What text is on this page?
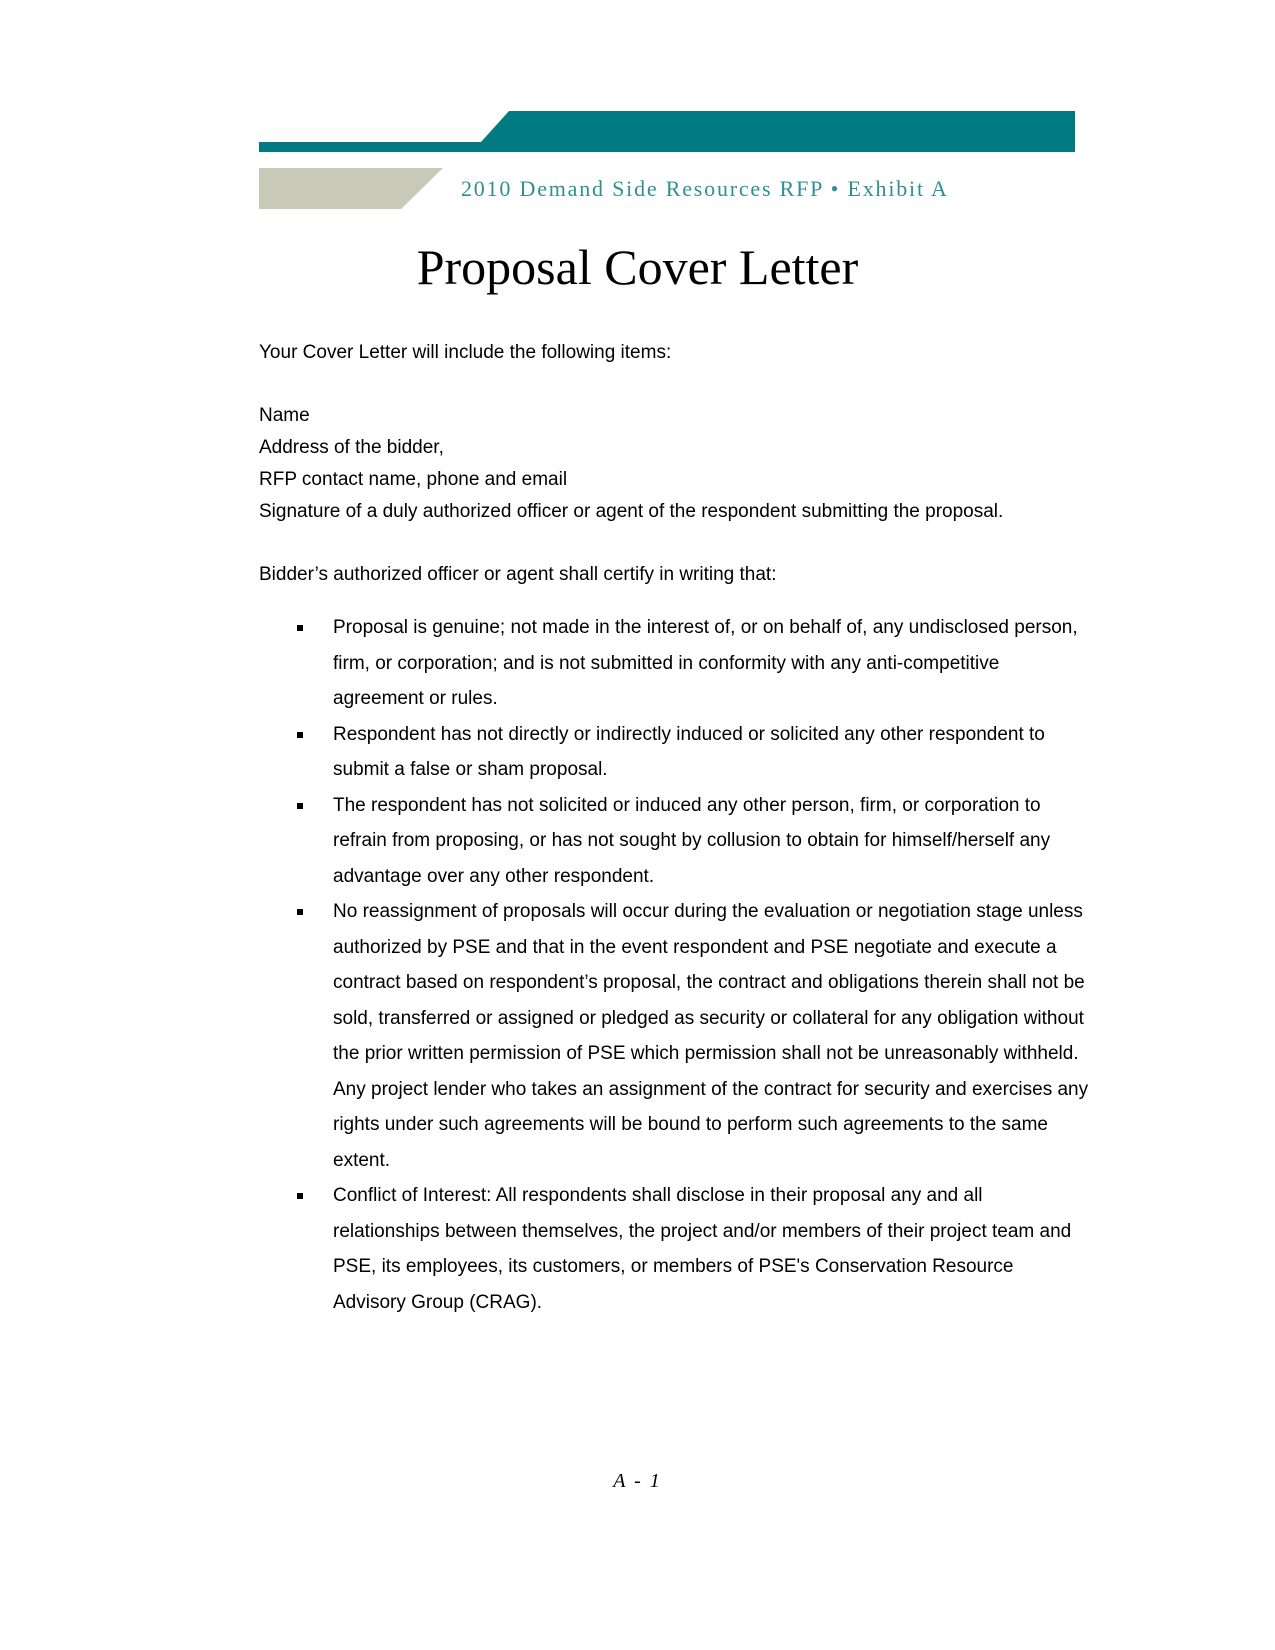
2010 Demand Side Resources RFP • Exhibit A
Proposal Cover Letter

Your Cover Letter will include the following items:

Name
Address of the bidder,
RFP contact name, phone and email
Signature of a duly authorized officer or agent of the respondent submitting the proposal.

Bidder’s authorized officer or agent shall certify in writing that:

Proposal is genuine; not made in the interest of, or on behalf of, any undisclosed person, firm, or corporation; and is not submitted in conformity with any anti-competitive agreement or rules.
Respondent has not directly or indirectly induced or solicited any other respondent to submit a false or sham proposal.
The respondent has not solicited or induced any other person, firm, or corporation to refrain from proposing, or has not sought by collusion to obtain for himself/herself any advantage over any other respondent.
No reassignment of proposals will occur during the evaluation or negotiation stage unless authorized by PSE and that in the event respondent and PSE negotiate and execute a contract based on respondent’s proposal, the contract and obligations therein shall not be sold, transferred or assigned or pledged as security or collateral for any obligation without the prior written permission of PSE which permission shall not be unreasonably withheld. Any project lender who takes an assignment of the contract for security and exercises any rights under such agreements will be bound to perform such agreements to the same extent.
Conflict of Interest: All respondents shall disclose in their proposal any and all relationships between themselves, the project and/or members of their project team and PSE, its employees, its customers, or members of PSE's Conservation Resource Advisory Group (CRAG).
A - 1
